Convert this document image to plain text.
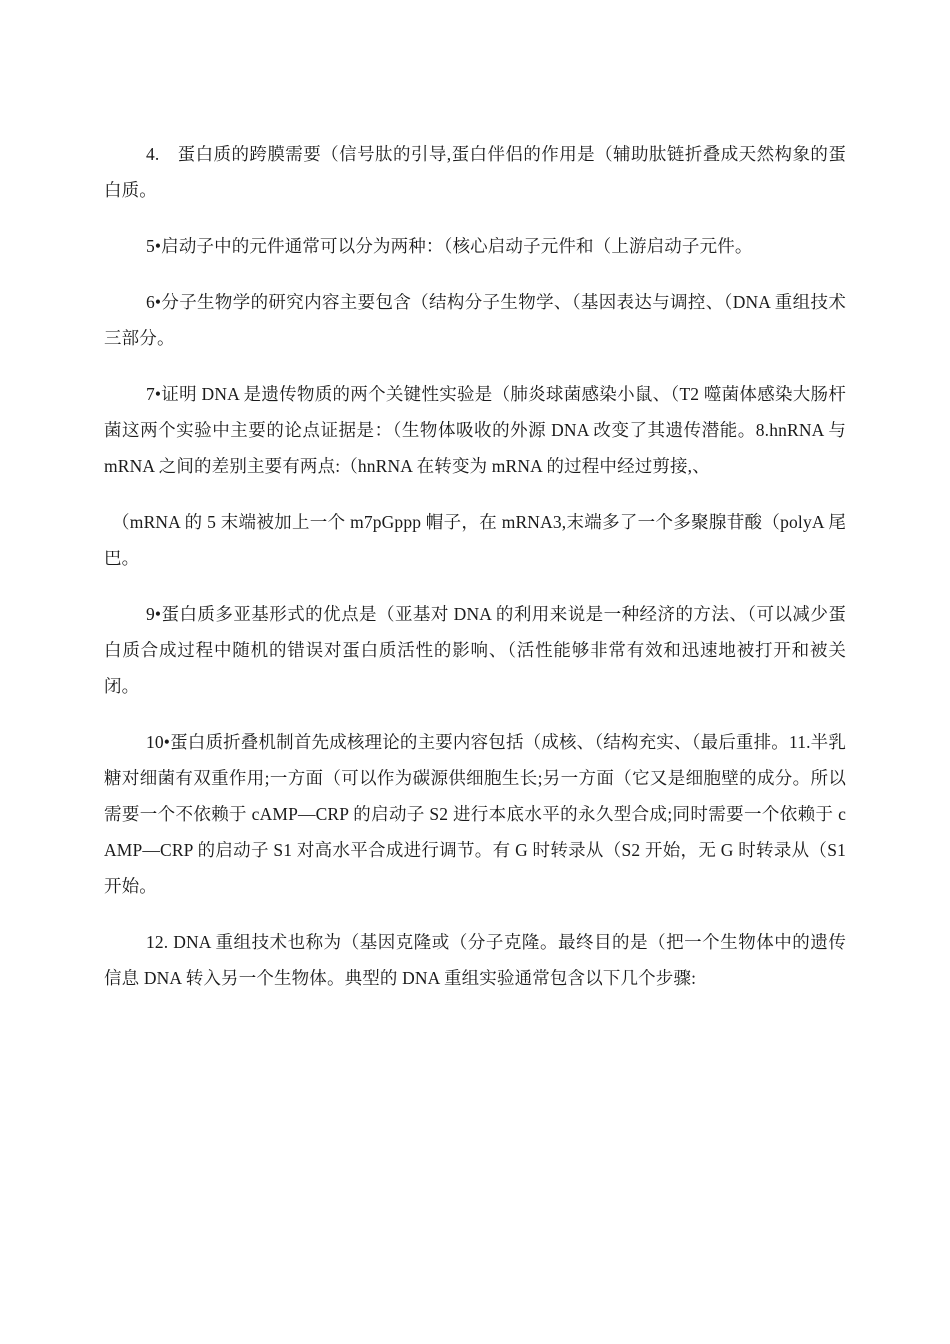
4.　蛋白质的跨膜需要（信号肽的引导,蛋白伴侣的作用是（辅助肽链折叠成天然构象的蛋白质。

5•启动子中的元件通常可以分为两种：（核心启动子元件和（上游启动子元件。

6•分子生物学的研究内容主要包含（结构分子生物学、（基因表达与调控、（DNA 重组技术三部分。

7•证明 DNA 是遗传物质的两个关键性实验是（肺炎球菌感染小鼠、（T2 噬菌体感染大肠杆菌这两个实验中主要的论点证据是：（生物体吸收的外源 DNA 改变了其遗传潜能。8.hnRNA 与 mRNA 之间的差别主要有两点:（hnRNA 在转变为 mRNA 的过程中经过剪接,、

（mRNA 的 5 末端被加上一个 m7pGppp 帽子，在 mRNA3,末端多了一个多聚腺苷酸（polyA 尾巴。

9•蛋白质多亚基形式的优点是（亚基对 DNA 的利用来说是一种经济的方法、（可以减少蛋白质合成过程中随机的错误对蛋白质活性的影响、（活性能够非常有效和迅速地被打开和被关闭。

10•蛋白质折叠机制首先成核理论的主要内容包括（成核、（结构充实、（最后重排。11.半乳糖对细菌有双重作用;一方面（可以作为碳源供细胞生长;另一方面（它又是细胞壁的成分。所以需要一个不依赖于 cAMP—CRP 的启动子 S2 进行本底水平的永久型合成;同时需要一个依赖于 cAMP—CRP 的启动子 S1 对高水平合成进行调节。有 G 时转录从（S2 开始，无 G 时转录从（S1 开始。

12. DNA 重组技术也称为（基因克隆或（分子克隆。最终目的是（把一个生物体中的遗传信息 DNA 转入另一个生物体。典型的 DNA 重组实验通常包含以下几个步骤:
